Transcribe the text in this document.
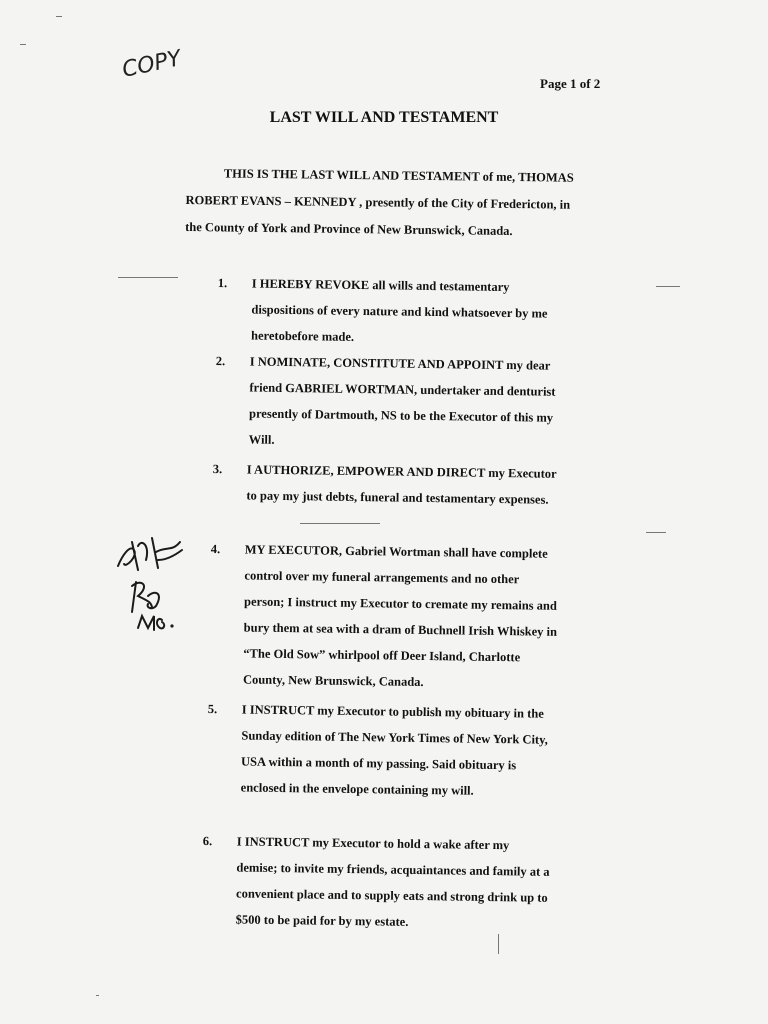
COPY
Page 1 of 2
LAST WILL AND TESTAMENT
THIS IS THE LAST WILL AND TESTAMENT of me, THOMAS ROBERT EVANS – KENNEDY , presently of the City of Fredericton, in the County of York and Province of New Brunswick, Canada.
1. I HEREBY REVOKE all wills and testamentary dispositions of every nature and kind whatsoever by me heretobefore made.
2. I NOMINATE, CONSTITUTE AND APPOINT my dear friend GABRIEL WORTMAN, undertaker and denturist presently of Dartmouth, NS to be the Executor of this my Will.
3. I AUTHORIZE, EMPOWER AND DIRECT my Executor to pay my just debts, funeral and testamentary expenses.
4. MY EXECUTOR, Gabriel Wortman shall have complete control over my funeral arrangements and no other person; I instruct my Executor to cremate my remains and bury them at sea with a dram of Buchnell Irish Whiskey in “The Old Sow” whirlpool off Deer Island, Charlotte County, New Brunswick, Canada.
5. I INSTRUCT my Executor to publish my obituary in the Sunday edition of The New York Times of New York City, USA within a month of my passing. Said obituary is enclosed in the envelope containing my will.
6. I INSTRUCT my Executor to hold a wake after my demise; to invite my friends, acquaintances and family at a convenient place and to supply eats and strong drink up to $500 to be paid for by my estate.
